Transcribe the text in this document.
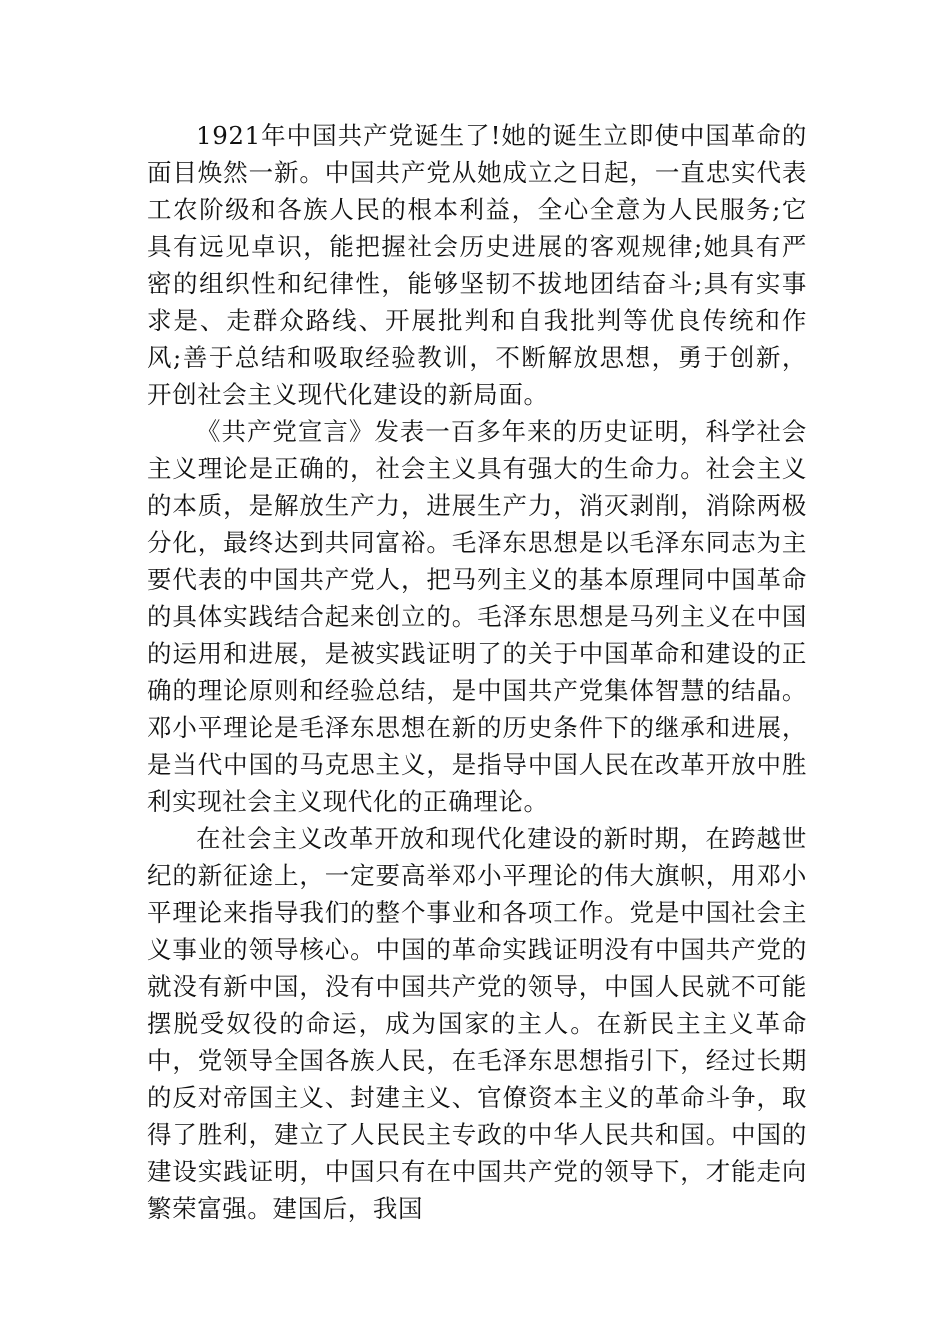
1921年中国共产党诞生了!她的诞生立即使中国革命的面目焕然一新。中国共产党从她成立之日起，一直忠实代表工农阶级和各族人民的根本利益，全心全意为人民服务;它具有远见卓识，能把握社会历史进展的客观规律;她具有严密的组织性和纪律性，能够坚韧不拔地团结奋斗;具有实事求是、走群众路线、开展批判和自我批判等优良传统和作风;善于总结和吸取经验教训，不断解放思想，勇于创新，开创社会主义现代化建设的新局面。

《共产党宣言》发表一百多年来的历史证明，科学社会主义理论是正确的，社会主义具有强大的生命力。社会主义的本质，是解放生产力，进展生产力，消灭剥削，消除两极分化，最终达到共同富裕。毛泽东思想是以毛泽东同志为主要代表的中国共产党人，把马列主义的基本原理同中国革命的具体实践结合起来创立的。毛泽东思想是马列主义在中国的运用和进展，是被实践证明了的关于中国革命和建设的正确的理论原则和经验总结，是中国共产党集体智慧的结晶。邓小平理论是毛泽东思想在新的历史条件下的继承和进展，是当代中国的马克思主义，是指导中国人民在改革开放中胜利实现社会主义现代化的正确理论。

在社会主义改革开放和现代化建设的新时期，在跨越世纪的新征途上，一定要高举邓小平理论的伟大旗帜，用邓小平理论来指导我们的整个事业和各项工作。党是中国社会主义事业的领导核心。中国的革命实践证明没有中国共产党的就没有新中国，没有中国共产党的领导，中国人民就不可能摆脱受奴役的命运，成为国家的主人。在新民主主义革命中，党领导全国各族人民，在毛泽东思想指引下，经过长期的反对帝国主义、封建主义、官僚资本主义的革命斗争，取得了胜利，建立了人民民主专政的中华人民共和国。中国的建设实践证明，中国只有在中国共产党的领导下，才能走向繁荣富强。建国后，我国
